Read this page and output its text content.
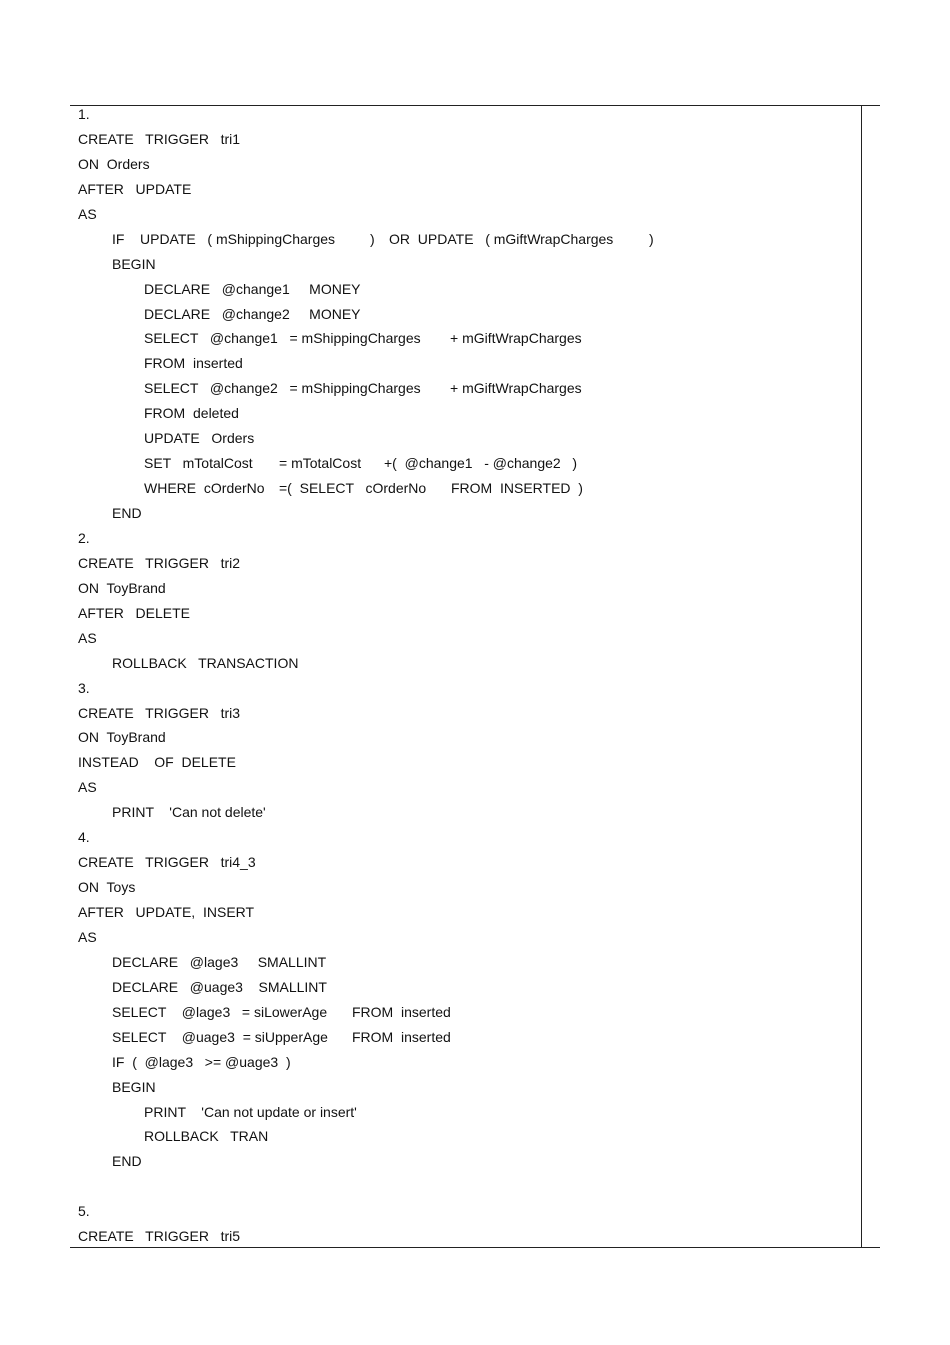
1.
CREATE   TRIGGER   tri1
ON  Orders
AFTER   UPDATE
AS
IF    UPDATE   ( mShippingCharges ) OR  UPDATE   ( mGiftWrapCharges	)
BEGIN
DECLARE   @change1     MONEY
DECLARE   @change2     MONEY
SELECT   @change1   = mShippingCharges + mGiftWrapCharges
FROM  inserted
SELECT   @change2   = mShippingCharges + mGiftWrapCharges
FROM  deleted
UPDATE   Orders
SET   mTotalCost = mTotalCost +(  @change1   - @change2   )
WHERE  cOrderNo =(  SELECT   cOrderNo FROM  INSERTED  )
END
2.
CREATE   TRIGGER   tri2
ON  ToyBrand
AFTER   DELETE
AS
ROLLBACK   TRANSACTION
3.
CREATE   TRIGGER   tri3
ON  ToyBrand
INSTEAD    OF  DELETE
AS
PRINT    'Can not delete'
4.
CREATE   TRIGGER   tri4_3
ON  Toys
AFTER   UPDATE,  INSERT
AS
DECLARE   @lage3     SMALLINT
DECLARE   @uage3    SMALLINT
SELECT    @lage3   = siLowerAge FROM  inserted
SELECT    @uage3  = siUpperAge FROM  inserted
IF  (  @lage3   >= @uage3  )
BEGIN
PRINT    'Can not update or insert'
ROLLBACK   TRAN
END
5.
CREATE   TRIGGER   tri5
